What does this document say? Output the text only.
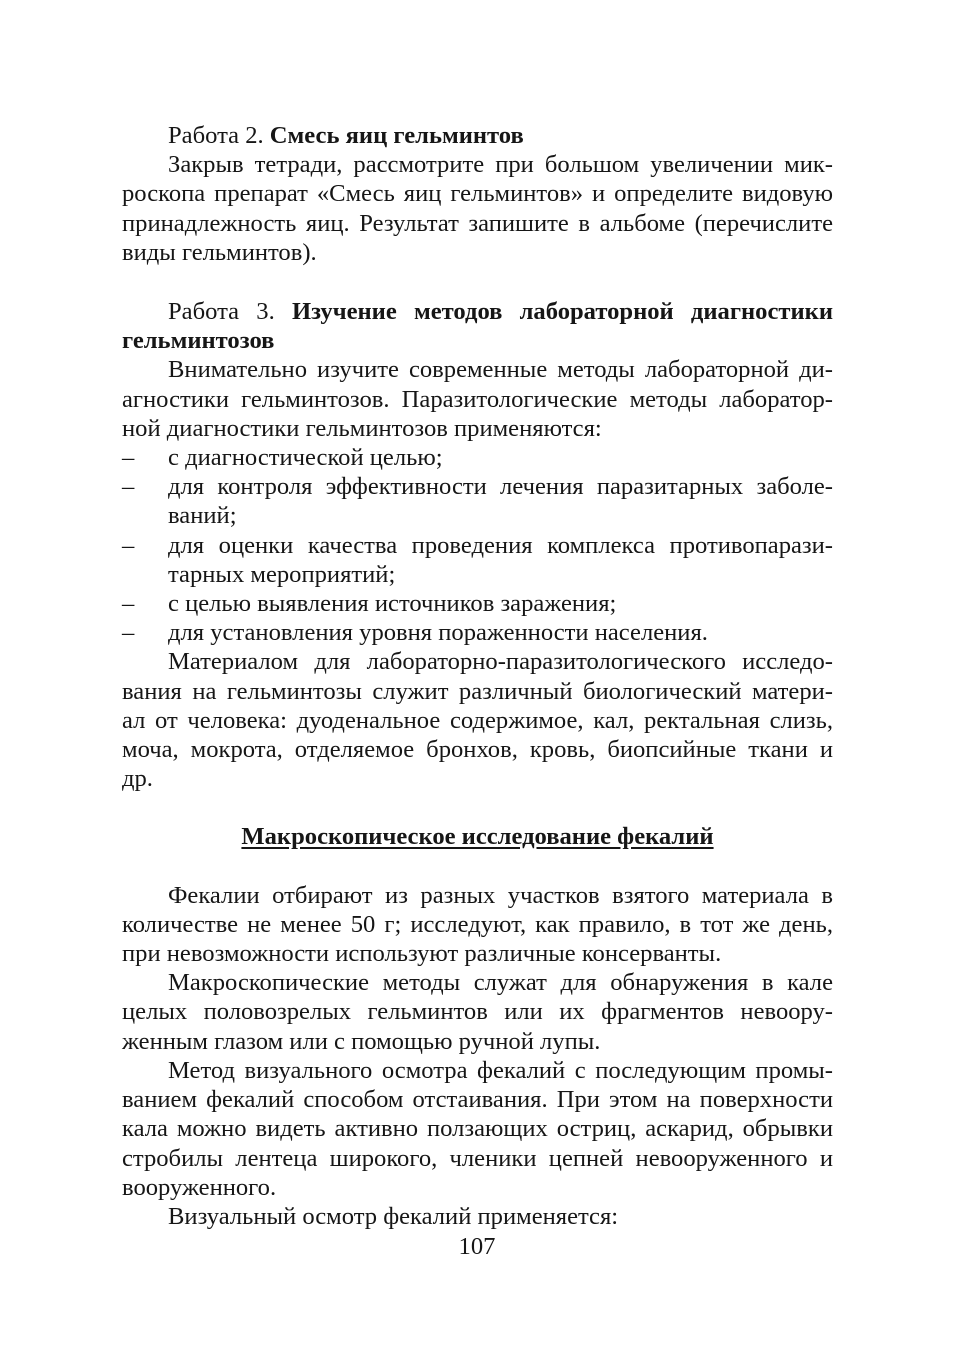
Работа 2. Смесь яиц гельминтов
Закрыв тетради, рассмотрите при большом увеличении мик-
роскопа препарат «Смесь яиц гельминтов» и определите видовую
принадлежность яиц. Результат запишите в альбоме (перечислите
виды гельминтов).
Работа 3. Изучение методов лабораторной диагностики
гельминтозов
Внимательно изучите современные методы лабораторной ди-
агностики гельминтозов. Паразитологические методы лаборатор-
ной диагностики гельминтозов применяются:
– с диагностической целью;
– для контроля эффективности лечения паразитарных заболе-
ваний;
– для оценки качества проведения комплекса противопарази-
тарных мероприятий;
– с целью выявления источников заражения;
– для установления уровня пораженности населения.
Материалом для лабораторно-паразитологического исследо-
вания на гельминтозы служит различный биологический матери-
ал от человека: дуоденальное содержимое, кал, ректальная слизь,
моча, мокрота, отделяемое бронхов, кровь, биопсийные ткани и
др.
Макроскопическое исследование фекалий
Фекалии отбирают из разных участков взятого материала в
количестве не менее 50 г; исследуют, как правило, в тот же день,
при невозможности используют различные консерванты.
Макроскопические методы служат для обнаружения в кале
целых половозрелых гельминтов или их фрагментов невоору-
женным глазом или с помощью ручной лупы.
Метод визуального осмотра фекалий с последующим промы-
ванием фекалий способом отстаивания. При этом на поверхности
кала можно видеть активно ползающих остриц, аскарид, обрывки
стробилы лентеца широкого, членики цепней невооруженного и
вооруженного.
Визуальный осмотр фекалий применяется:
107
